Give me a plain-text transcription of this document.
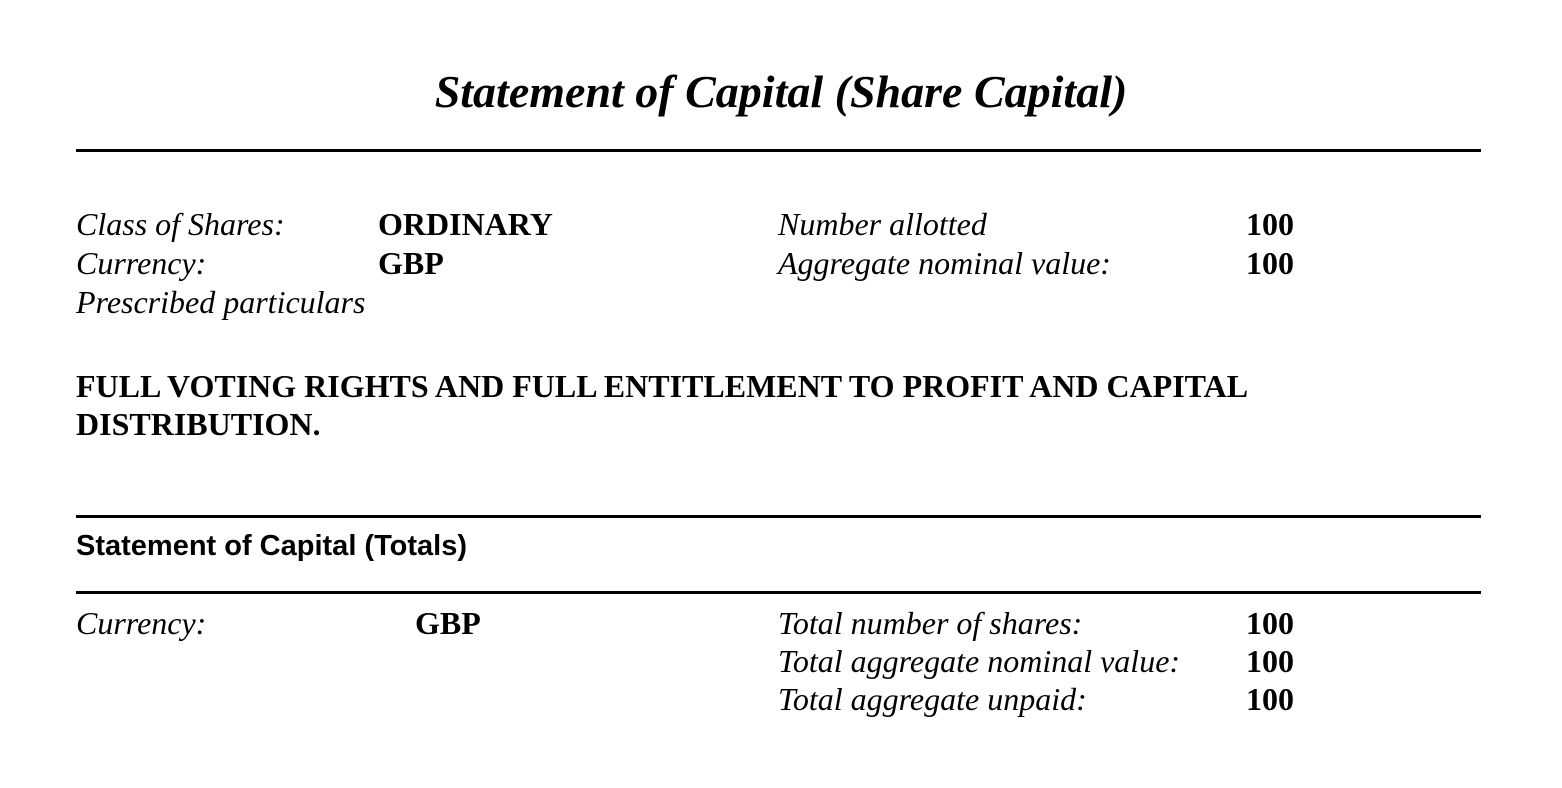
Statement of Capital (Share Capital)
Class of Shares:	ORDINARY	Number allotted	100
Currency:	GBP	Aggregate nominal value:	100
Prescribed particulars
FULL VOTING RIGHTS AND FULL ENTITLEMENT TO PROFIT AND CAPITAL DISTRIBUTION.
Statement of Capital (Totals)
Currency:	GBP	Total number of shares:	100
Total aggregate nominal value: 100
Total aggregate unpaid:	100
